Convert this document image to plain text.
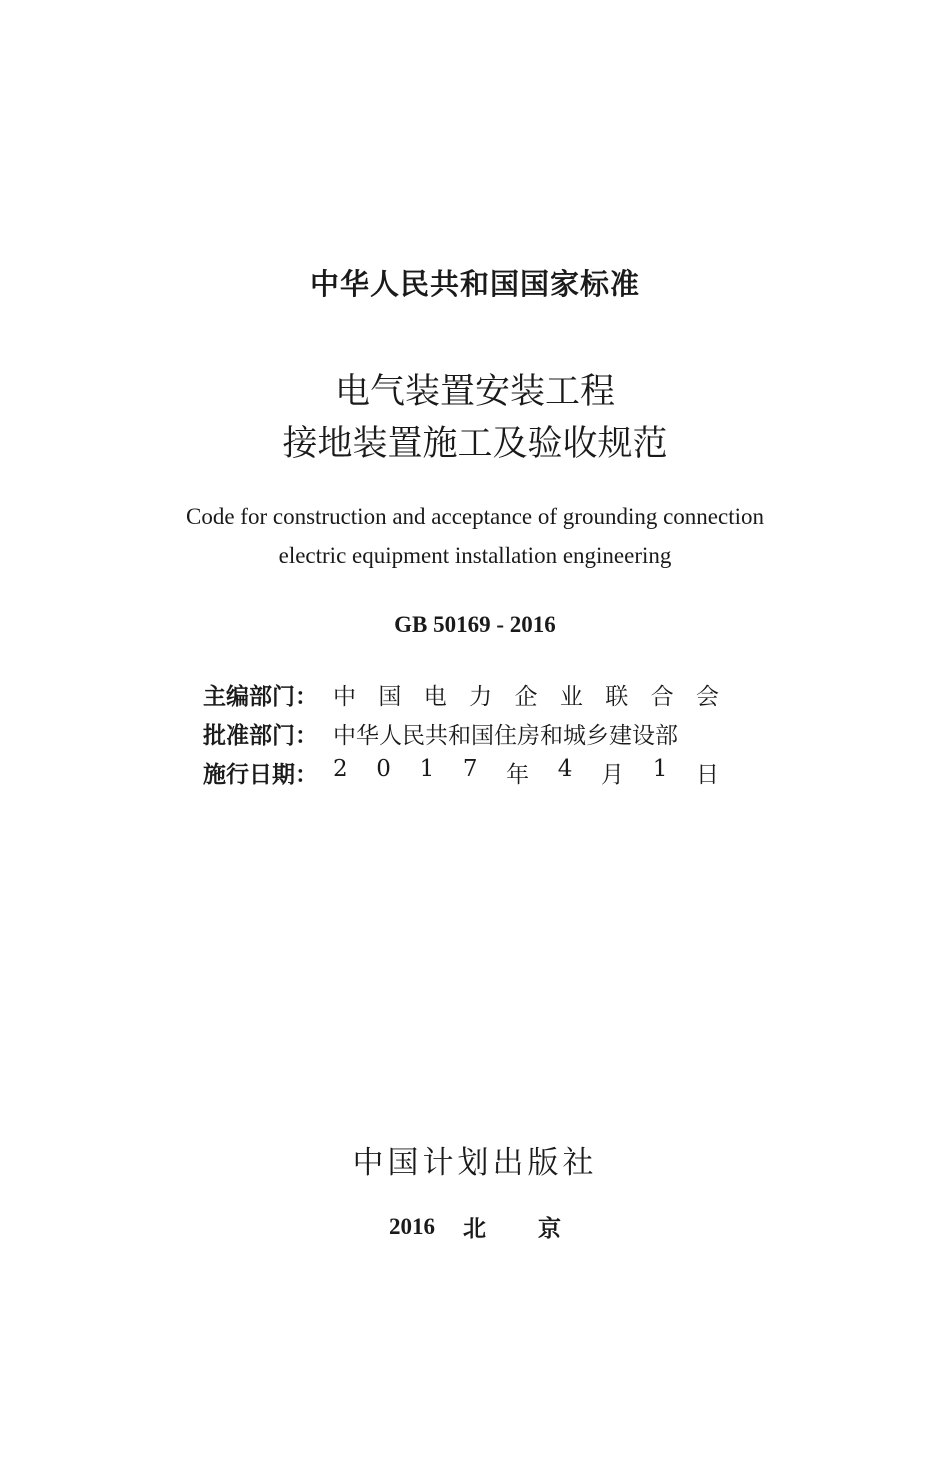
中华人民共和国国家标准
电气装置安装工程
接地装置施工及验收规范
Code for construction and acceptance of grounding connection
electric equipment installation engineering
GB 50169 - 2016
主编部门： 中 国 电 力 企 业 联 合 会
批准部门： 中华人民共和国住房和城乡建设部
施行日期： 2 0 1 7 年 4 月 1 日
中国计划出版社
2016 北京
